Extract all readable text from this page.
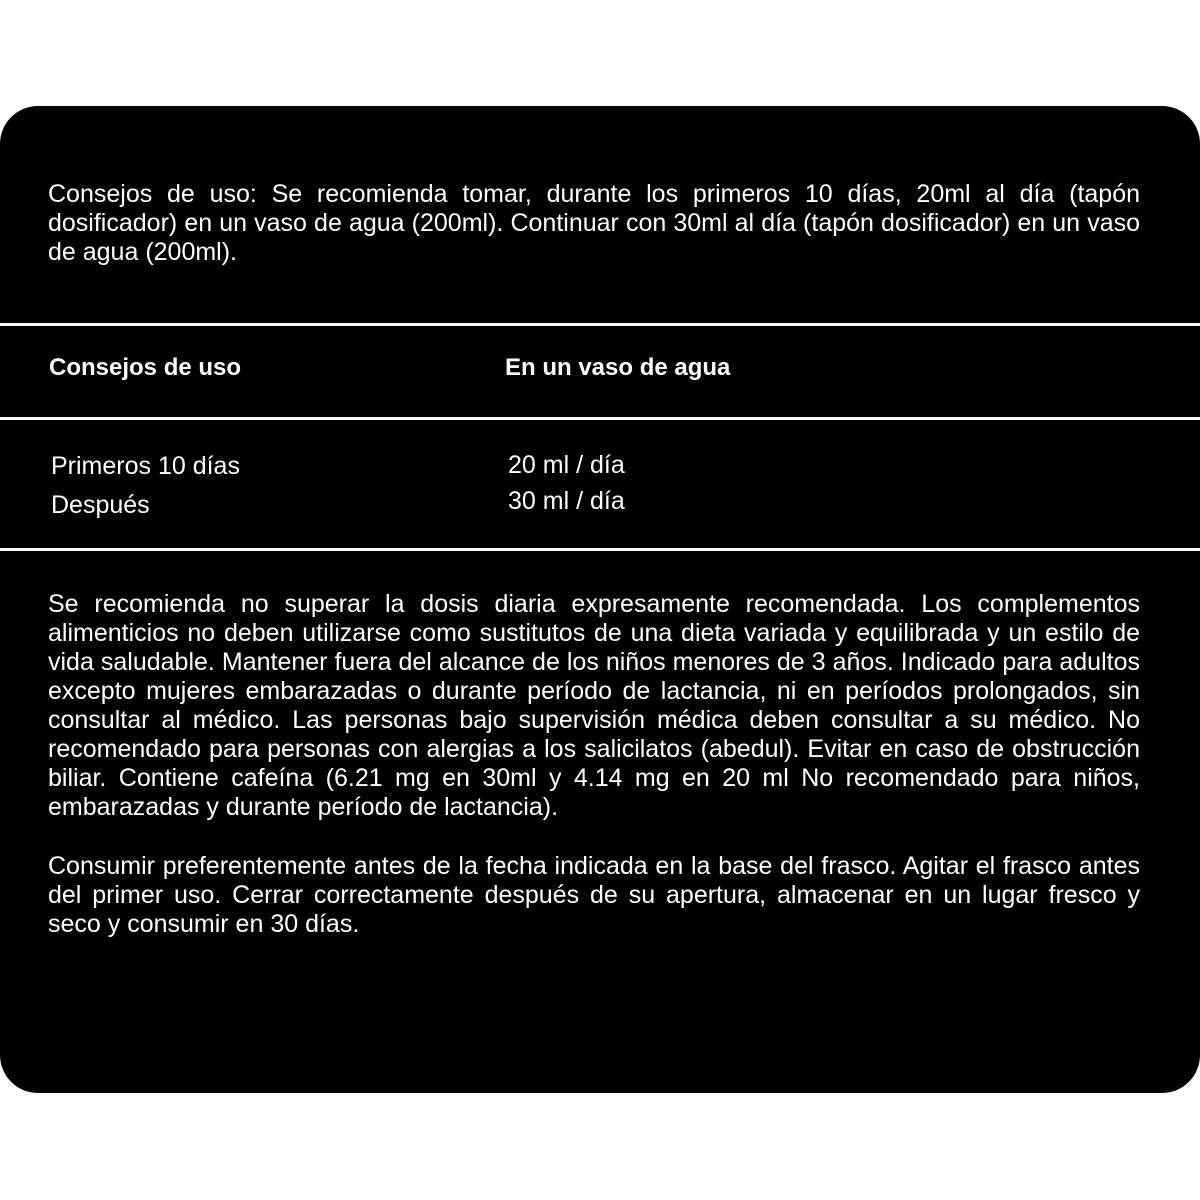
Consejos de uso: Se recomienda tomar, durante los primeros 10 días, 20ml al día (tapón dosificador) en un vaso de agua (200ml). Continuar con 30ml al día (tapón dosificador) en un vaso de agua (200ml).

Consejos de uso	En un vaso de agua

Primeros 10 días	20 ml / día

Después	30 ml / día

Se recomienda no superar la dosis diaria expresamente recomendada. Los complementos alimenticios no deben utilizarse como sustitutos de una dieta variada y equilibrada y un estilo de vida saludable. Mantener fuera del alcance de los niños menores de 3 años. Indicado para adultos excepto mujeres embarazadas o durante período de lactancia, ni en períodos prolongados, sin consultar al médico. Las personas bajo supervisión médica deben consultar a su médico. No recomendado para personas con alergias a los salicilatos (abedul). Evitar en caso de obstrucción biliar. Contiene cafeína (6.21 mg en 30ml y 4.14 mg en 20 ml No recomendado para niños, embarazadas y durante período de lactancia).

Consumir preferentemente antes de la fecha indicada en la base del frasco. Agitar el frasco antes del primer uso. Cerrar correctamente después de su apertura, almacenar en un lugar fresco y seco y consumir en 30 días.
